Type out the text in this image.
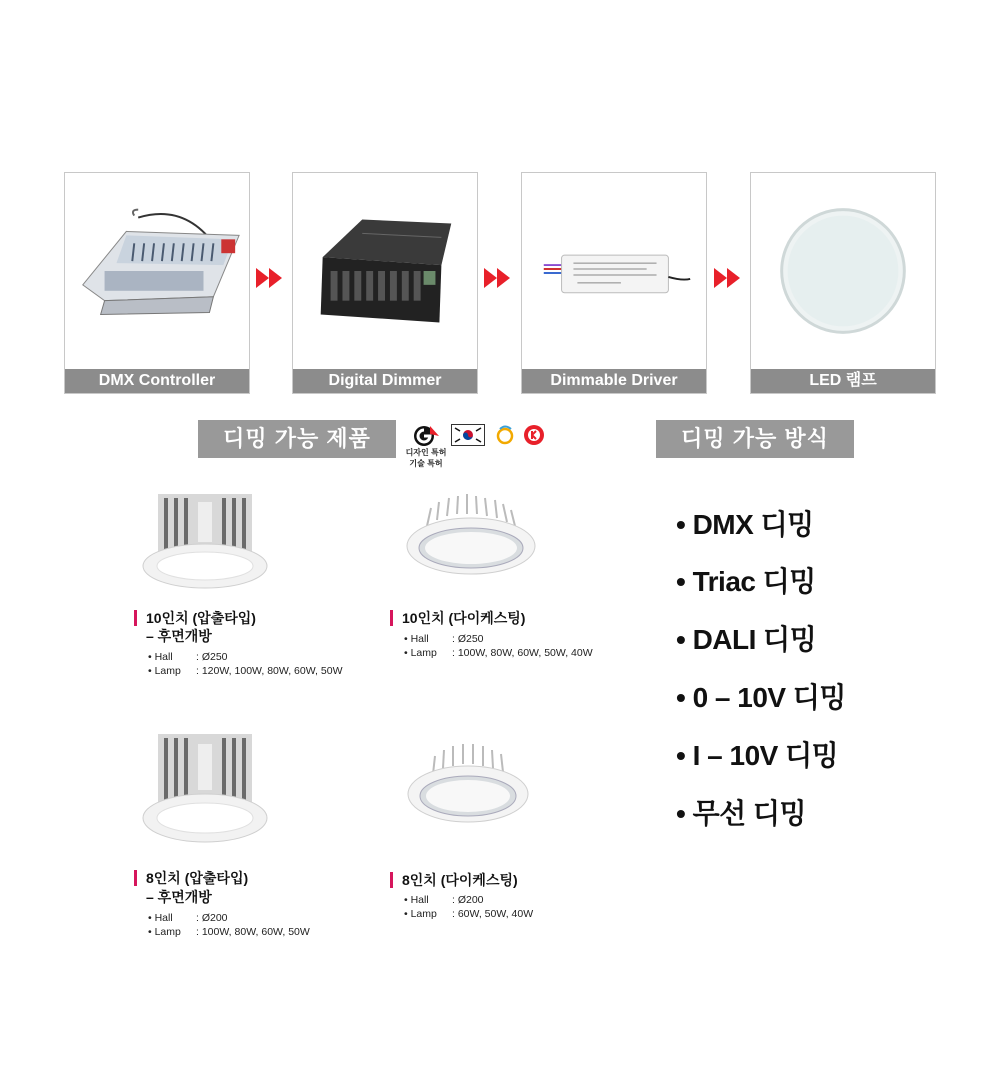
DMX Controller	Digital Dimmer	Dimmable Driver	LED 램프
디밍 가능 제품	디밍 가능 방식
디자인 특허
기술 특허
10인치 (압출타입)
– 후면개방
• Hall	: Ø250
• Lamp	: 120W, 100W, 80W, 60W, 50W
10인치 (다이케스팅)
• Hall	: Ø250
• Lamp	: 100W, 80W, 60W, 50W, 40W
8인치 (압출타입)
– 후면개방
• Hall	: Ø200
• Lamp	: 100W, 80W, 60W, 50W
8인치 (다이케스팅)
• Hall	: Ø200
• Lamp	: 60W, 50W, 40W
• DMX 디밍
• Triac 디밍
• DALI 디밍
• 0 – 10V 디밍
• I – 10V 디밍
• 무선 디밍
